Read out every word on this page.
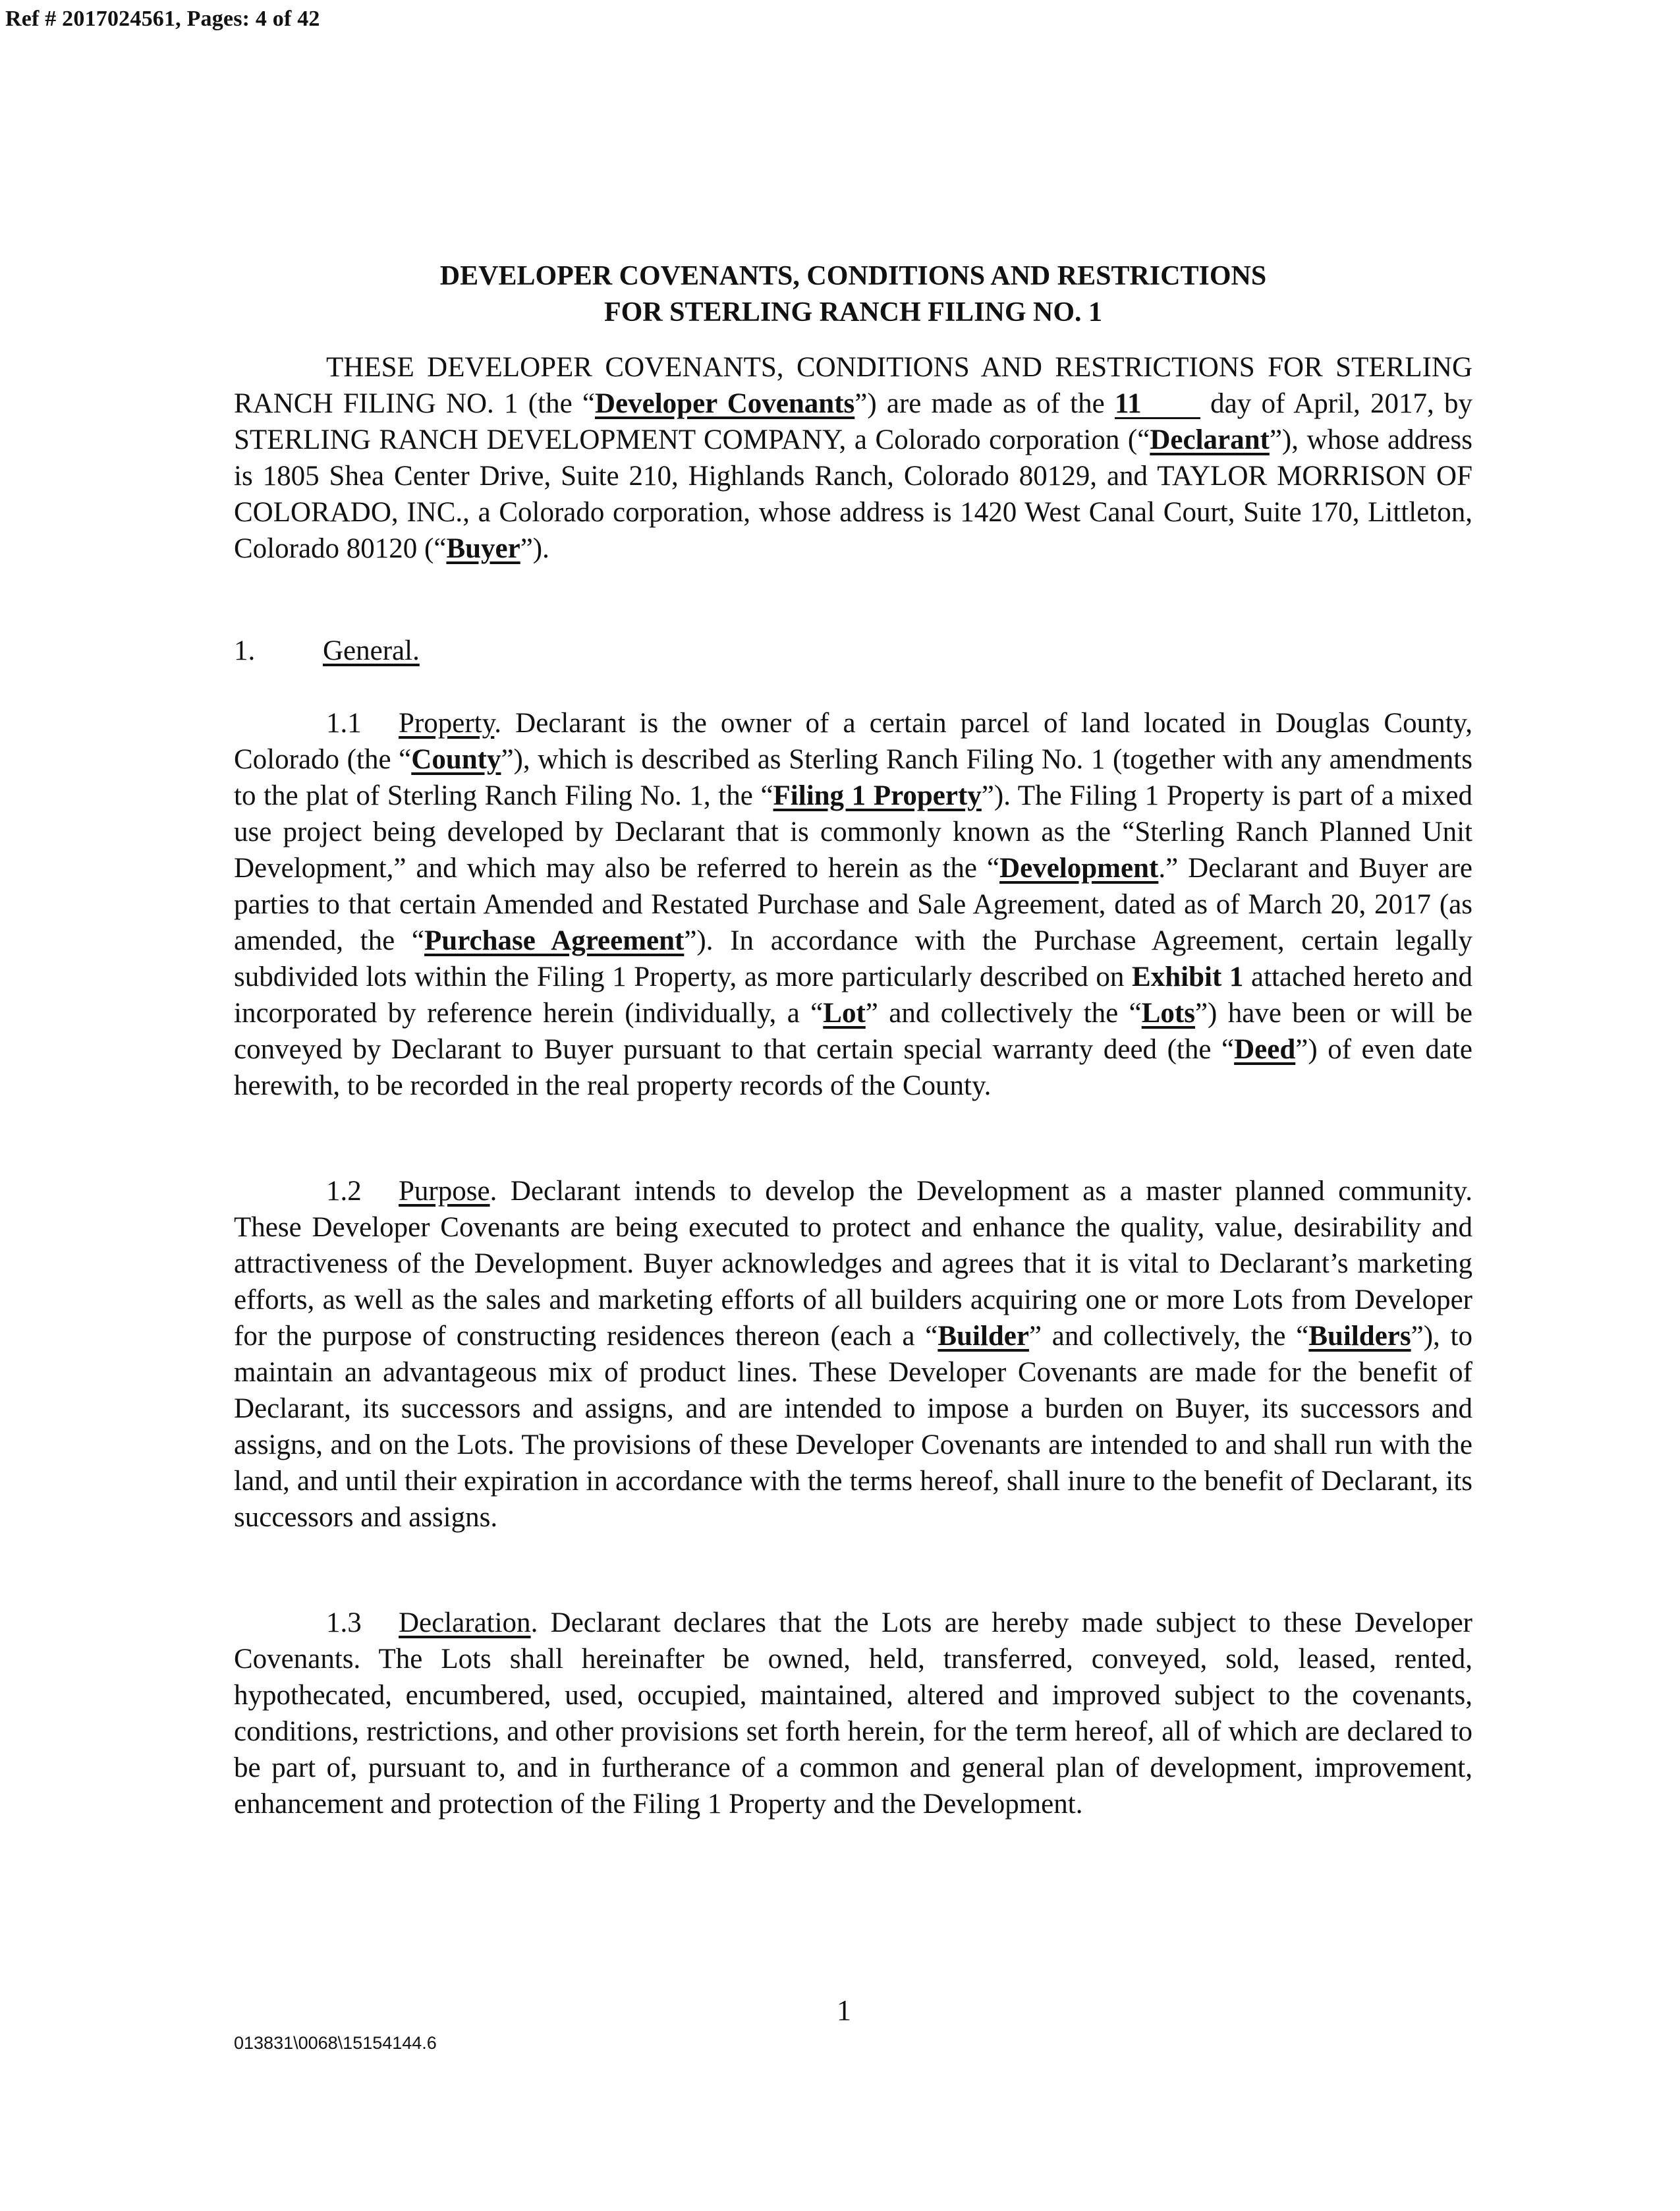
Ref # 2017024561, Pages: 4 of 42
DEVELOPER COVENANTS, CONDITIONS AND RESTRICTIONS
FOR STERLING RANCH FILING NO. 1

THESE DEVELOPER COVENANTS, CONDITIONS AND RESTRICTIONS FOR STERLING RANCH FILING NO. 1 (the “Developer Covenants”) are made as of the 11 day of April, 2017, by STERLING RANCH DEVELOPMENT COMPANY, a Colorado corporation (“Declarant”), whose address is 1805 Shea Center Drive, Suite 210, Highlands Ranch, Colorado 80129, and TAYLOR MORRISON OF COLORADO, INC., a Colorado corporation, whose address is 1420 West Canal Court, Suite 170, Littleton, Colorado 80120 (“Buyer”).

1. General.

1.1 Property. Declarant is the owner of a certain parcel of land located in Douglas County, Colorado (the “County”), which is described as Sterling Ranch Filing No. 1 (together with any amendments to the plat of Sterling Ranch Filing No. 1, the “Filing 1 Property”). The Filing 1 Property is part of a mixed use project being developed by Declarant that is commonly known as the “Sterling Ranch Planned Unit Development,” and which may also be referred to herein as the “Development.” Declarant and Buyer are parties to that certain Amended and Restated Purchase and Sale Agreement, dated as of March 20, 2017 (as amended, the “Purchase Agreement”). In accordance with the Purchase Agreement, certain legally subdivided lots within the Filing 1 Property, as more particularly described on Exhibit 1 attached hereto and incorporated by reference herein (individually, a “Lot” and collectively the “Lots”) have been or will be conveyed by Declarant to Buyer pursuant to that certain special warranty deed (the “Deed”) of even date herewith, to be recorded in the real property records of the County.

1.2 Purpose. Declarant intends to develop the Development as a master planned community. These Developer Covenants are being executed to protect and enhance the quality, value, desirability and attractiveness of the Development. Buyer acknowledges and agrees that it is vital to Declarant’s marketing efforts, as well as the sales and marketing efforts of all builders acquiring one or more Lots from Developer for the purpose of constructing residences thereon (each a “Builder” and collectively, the “Builders”), to maintain an advantageous mix of product lines. These Developer Covenants are made for the benefit of Declarant, its successors and assigns, and are intended to impose a burden on Buyer, its successors and assigns, and on the Lots. The provisions of these Developer Covenants are intended to and shall run with the land, and until their expiration in accordance with the terms hereof, shall inure to the benefit of Declarant, its successors and assigns.

1.3 Declaration. Declarant declares that the Lots are hereby made subject to these Developer Covenants. The Lots shall hereinafter be owned, held, transferred, conveyed, sold, leased, rented, hypothecated, encumbered, used, occupied, maintained, altered and improved subject to the covenants, conditions, restrictions, and other provisions set forth herein, for the term hereof, all of which are declared to be part of, pursuant to, and in furtherance of a common and general plan of development, improvement, enhancement and protection of the Filing 1 Property and the Development.

1
013831\0068\15154144.6
